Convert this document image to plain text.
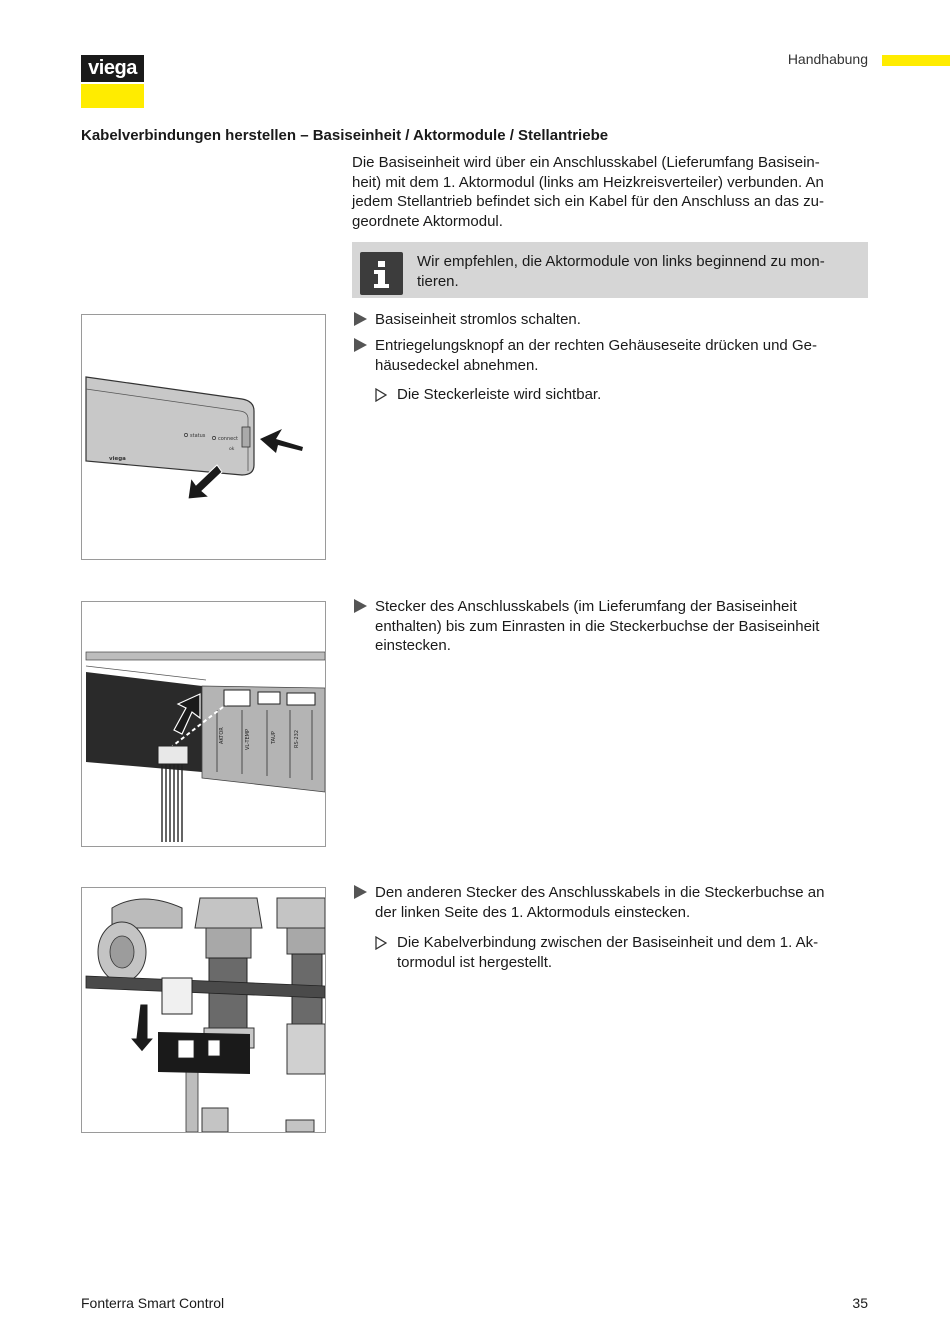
viega	Handhabung
Kabelverbindungen herstellen – Basiseinheit / Aktormodule / Stellantriebe
Die Basiseinheit wird über ein Anschlusskabel (Lieferumfang Basisein-
heit) mit dem 1. Aktormodul (links am Heizkreisverteiler) verbunden. An
jedem Stellantrieb befindet sich ein Kabel für den Anschluss an das zu-
geordnete Aktormodul.
Wir empfehlen, die Aktormodule von links beginnend zu mon-
tieren.
status	connect
ok
viega
Basiseinheit stromlos schalten.
Entriegelungsknopf an der rechten Gehäuseseite drücken und Ge-
häusedeckel abnehmen.
Die Steckerleiste wird sichtbar.
AKTOR	VL-TEMP	TAUP	RS-232
Stecker des Anschlusskabels (im Lieferumfang der Basiseinheit
enthalten) bis zum Einrasten in die Steckerbuchse der Basiseinheit
einstecken.
Den anderen Stecker des Anschlusskabels in die Steckerbuchse an
der linken Seite des 1. Aktormoduls einstecken.
Die Kabelverbindung zwischen der Basiseinheit und dem 1. Ak-
tormodul ist hergestellt.
Fonterra Smart Control	35
